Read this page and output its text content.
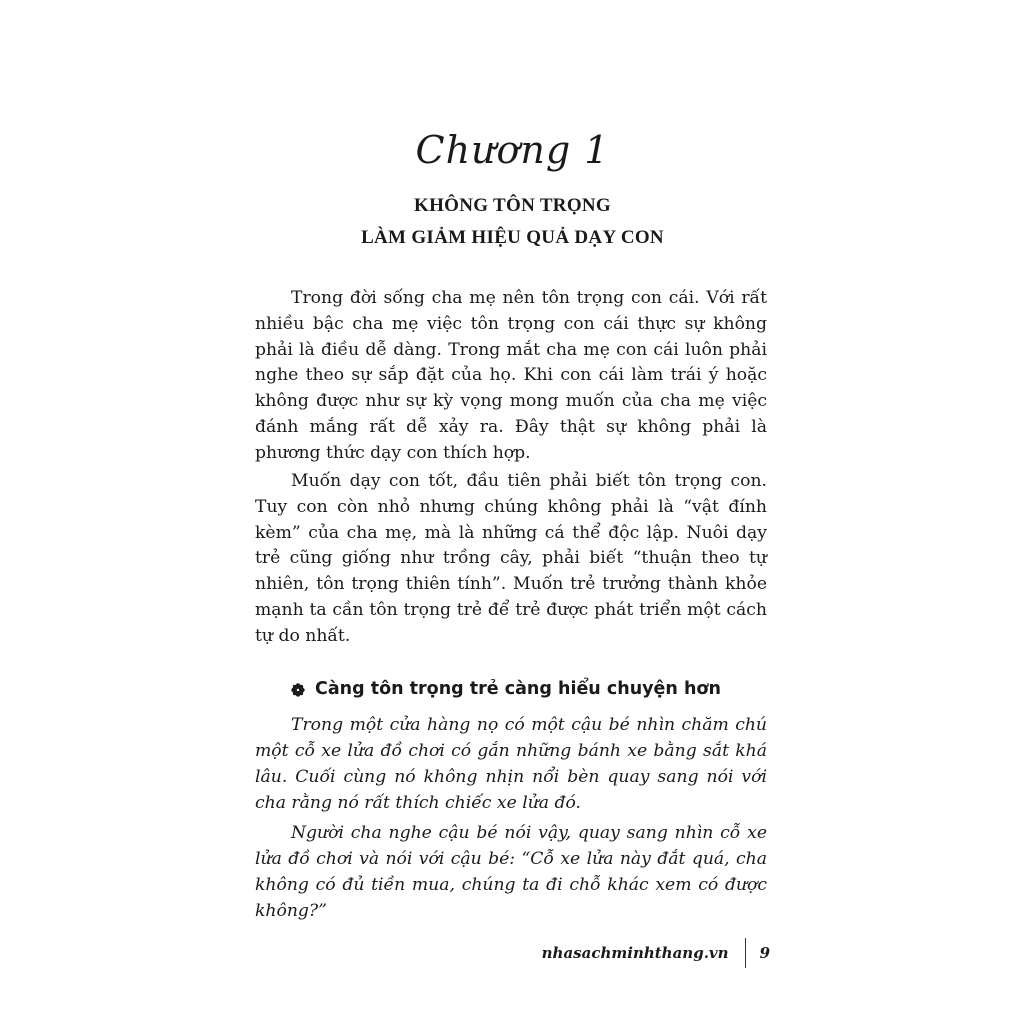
Chương 1
KHÔNG TÔN TRỌNG
LÀM GIẢM HIỆU QUẢ DẠY CON

Trong đời sống cha mẹ nên tôn trọng con cái. Với rất nhiều bậc cha mẹ việc tôn trọng con cái thực sự không phải là điều dễ dàng. Trong mắt cha mẹ con cái luôn phải nghe theo sự sắp đặt của họ. Khi con cái làm trái ý hoặc không được như sự kỳ vọng mong muốn của cha mẹ việc đánh mắng rất dễ xảy ra. Đây thật sự không phải là phương thức dạy con thích hợp.

Muốn dạy con tốt, đầu tiên phải biết tôn trọng con. Tuy con còn nhỏ nhưng chúng không phải là “vật đính kèm” của cha mẹ, mà là những cá thể độc lập. Nuôi dạy trẻ cũng giống như trồng cây, phải biết “thuận theo tự nhiên, tôn trọng thiên tính”. Muốn trẻ trưởng thành khỏe mạnh ta cần tôn trọng trẻ để trẻ được phát triển một cách tự do nhất.

Càng tôn trọng trẻ càng hiểu chuyện hơn

Trong một cửa hàng nọ có một cậu bé nhìn chăm chú một cỗ xe lửa đồ chơi có gắn những bánh xe bằng sắt khá lâu. Cuối cùng nó không nhịn nổi bèn quay sang nói với cha rằng nó rất thích chiếc xe lửa đó.

Người cha nghe cậu bé nói vậy, quay sang nhìn cỗ xe lửa đồ chơi và nói với cậu bé: “Cỗ xe lửa này đắt quá, cha không có đủ tiền mua, chúng ta đi chỗ khác xem có được không?”

nhasachminhthang.vn 9
